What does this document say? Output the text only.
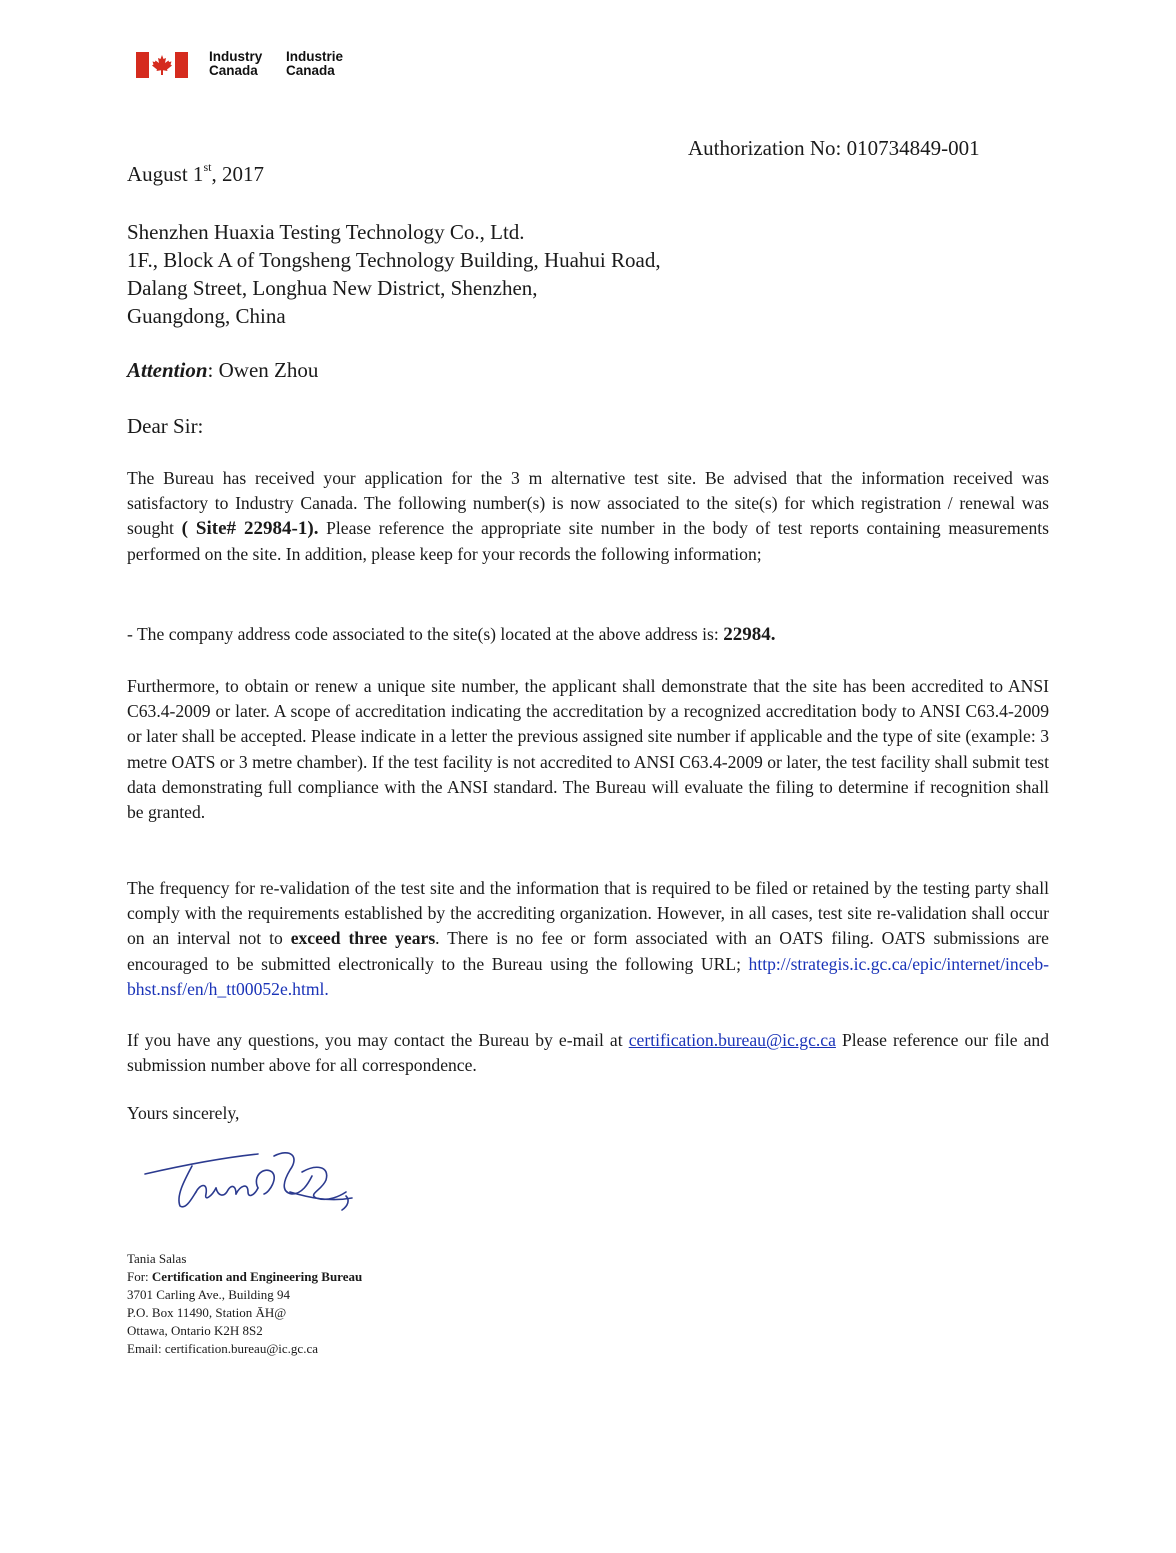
Industry
Canada
Industrie
Canada
Authorization No: 010734849-001
August 1st, 2017
Shenzhen Huaxia Testing Technology Co., Ltd.
1F., Block A of Tongsheng Technology Building, Huahui Road,
Dalang Street, Longhua New District, Shenzhen,
Guangdong, China
Attention: Owen Zhou
Dear Sir:
The Bureau has received your application for the 3 m alternative test site. Be advised that the information received was satisfactory to Industry Canada. The following number(s) is now associated to the site(s) for which registration / renewal was sought ( Site# 22984-1). Please reference the appropriate site number in the body of test reports containing measurements performed on the site. In addition, please keep for your records the following information;
- The company address code associated to the site(s) located at the above address is: 22984.
Furthermore, to obtain or renew a unique site number, the applicant shall demonstrate that the site has been accredited to ANSI C63.4-2009 or later. A scope of accreditation indicating the accreditation by a recognized accreditation body to ANSI C63.4-2009 or later shall be accepted. Please indicate in a letter the previous assigned site number if applicable and the type of site (example: 3 metre OATS or 3 metre chamber). If the test facility is not accredited to ANSI C63.4-2009 or later, the test facility shall submit test data demonstrating full compliance with the ANSI standard. The Bureau will evaluate the filing to determine if recognition shall be granted.
The frequency for re-validation of the test site and the information that is required to be filed or retained by the testing party shall comply with the requirements established by the accrediting organization. However, in all cases, test site re-validation shall occur on an interval not to exceed three years. There is no fee or form associated with an OATS filing. OATS submissions are encouraged to be submitted electronically to the Bureau using the following URL; http://strategis.ic.gc.ca/epic/internet/inceb-bhst.nsf/en/h_tt00052e.html.
If you have any questions, you may contact the Bureau by e-mail at certification.bureau@ic.gc.ca Please reference our file and submission number above for all correspondence.
Yours sincerely,
Tania Salas
For: Certification and Engineering Bureau
3701 Carling Ave., Building 94
P.O. Box 11490, Station ĀH@
Ottawa, Ontario K2H 8S2
Email: certification.bureau@ic.gc.ca
